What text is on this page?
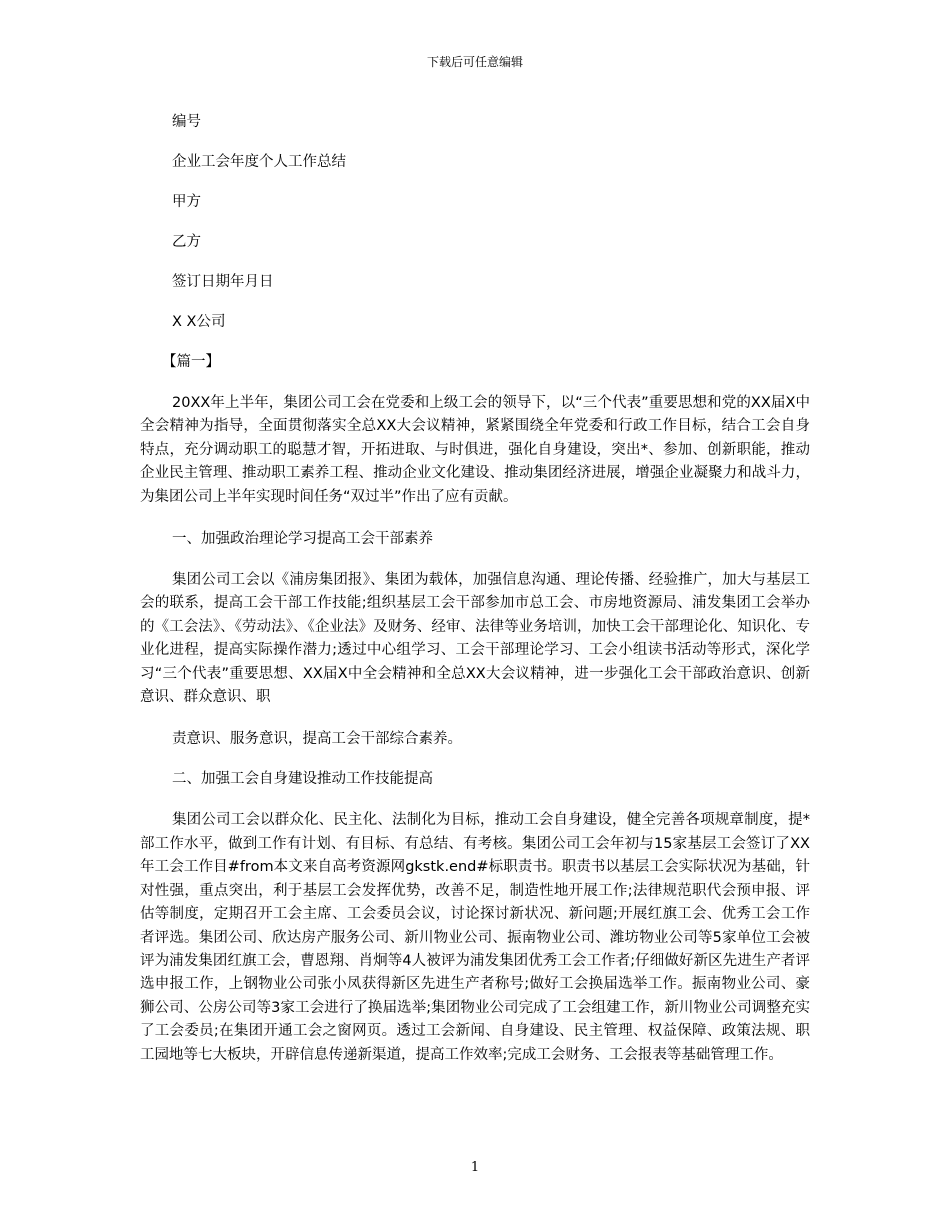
下载后可任意编辑

编号

企业工会年度个人工作总结

甲方

乙方

签订日期年月日

X X公司

【篇一】

20XX年上半年，集团公司工会在党委和上级工会的领导下，以“三个代表”重要思想和党的XX届X中全会精神为指导，全面贯彻落实全总XX大会议精神，紧紧围绕全年党委和行政工作目标，结合工会自身特点，充分调动职工的聪慧才智，开拓进取、与时俱进，强化自身建设，突出*、参加、创新职能，推动企业民主管理、推动职工素养工程、推动企业文化建设、推动集团经济进展，增强企业凝聚力和战斗力，为集团公司上半年实现时间任务“双过半”作出了应有贡献。

一、加强政治理论学习提高工会干部素养

集团公司工会以《浦房集团报》、集团为载体，加强信息沟通、理论传播、经验推广，加大与基层工会的联系，提高工会干部工作技能;组织基层工会干部参加市总工会、市房地资源局、浦发集团工会举办的《工会法》、《劳动法》、《企业法》及财务、经审、法律等业务培训，加快工会干部理论化、知识化、专业化进程，提高实际操作潜力;透过中心组学习、工会干部理论学习、工会小组读书活动等形式，深化学习“三个代表”重要思想、XX届X中全会精神和全总XX大会议精神，进一步强化工会干部政治意识、创新意识、群众意识、职

责意识、服务意识，提高工会干部综合素养。

二、加强工会自身建设推动工作技能提高

集团公司工会以群众化、民主化、法制化为目标，推动工会自身建设，健全完善各项规章制度，提*部工作水平，做到工作有计划、有目标、有总结、有考核。集团公司工会年初与15家基层工会签订了XX年工会工作目#from本文来自高考资源网gkstk.end#标职责书。职责书以基层工会实际状况为基础，针对性强，重点突出，利于基层工会发挥优势，改善不足，制造性地开展工作;法律规范职代会预申报、评估等制度，定期召开工会主席、工会委员会议，讨论探讨新状况、新问题;开展红旗工会、优秀工会工作者评选。集团公司、欣达房产服务公司、新川物业公司、振南物业公司、潍坊物业公司等5家单位工会被评为浦发集团红旗工会，曹恩翔、肖炯等4人被评为浦发集团优秀工会工作者;仔细做好新区先进生产者评选申报工作，上钢物业公司张小凤获得新区先进生产者称号;做好工会换届选举工作。振南物业公司、豪狮公司、公房公司等3家工会进行了换届选举;集团物业公司完成了工会组建工作，新川物业公司调整充实了工会委员;在集团开通工会之窗网页。透过工会新闻、自身建设、民主管理、权益保障、政策法规、职工园地等七大板块，开辟信息传递新渠道，提高工作效率;完成工会财务、工会报表等基础管理工作。

1
